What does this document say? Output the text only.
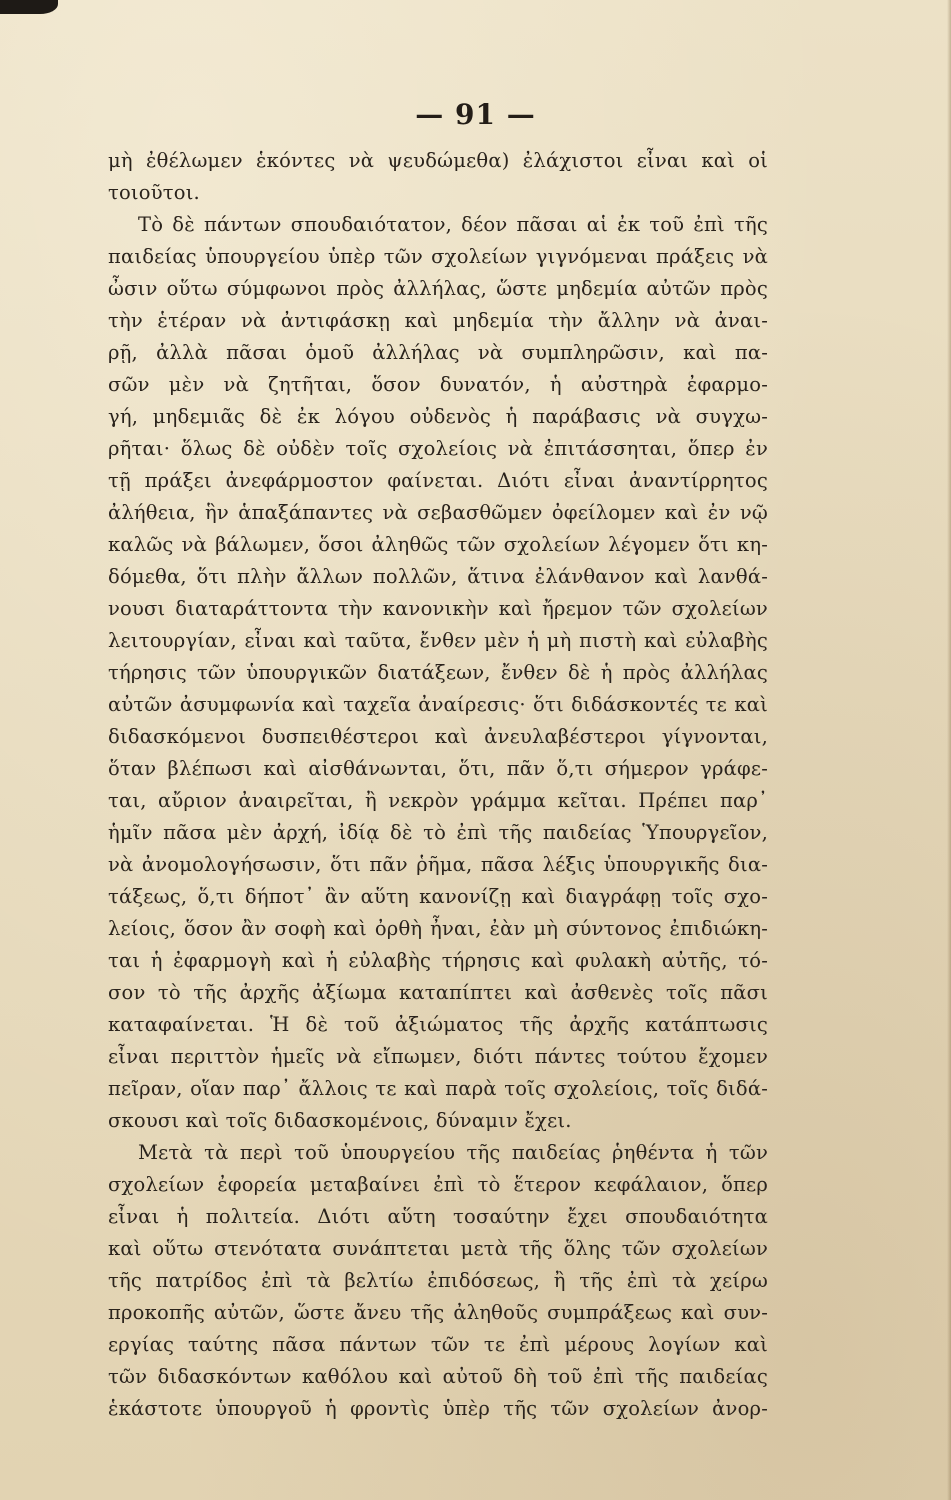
— 91 —
μὴ ἐθέλωμεν ἑκόντες νὰ ψευδώμεθα) ἐλάχιστοι εἶναι καὶ οἱ
τοιοῦτοι.
Τὸ δὲ πάντων σπουδαιότατον, δέον πᾶσαι αἱ ἐκ τοῦ ἐπὶ τῆς
παιδείας ὑπουργείου ὑπὲρ τῶν σχολείων γιγνόμεναι πράξεις νὰ
ὦσιν οὕτω σύμφωνοι πρὸς ἀλλήλας, ὥστε μηδεμία αὐτῶν πρὸς
τὴν ἑτέραν νὰ ἀντιφάσκῃ καὶ μηδεμία τὴν ἄλλην νὰ ἀναι-
ρῇ, ἀλλὰ πᾶσαι ὁμοῦ ἀλλήλας νὰ συμπληρῶσιν, καὶ πα-
σῶν μὲν νὰ ζητῆται, ὅσον δυνατόν, ἡ αὐστηρὰ ἐφαρμο-
γή, μηδεμιᾶς δὲ ἐκ λόγου οὐδενὸς ἡ παράβασις νὰ συγχω-
ρῆται· ὅλως δὲ οὐδὲν τοῖς σχολείοις νὰ ἐπιτάσσηται, ὅπερ ἐν
τῇ πράξει ἀνεφάρμοστον φαίνεται. Διότι εἶναι ἀναντίρρητος
ἀλήθεια, ἣν ἁπαξάπαντες νὰ σεβασθῶμεν ὀφείλομεν καὶ ἐν νῷ
καλῶς νὰ βάλωμεν, ὅσοι ἀληθῶς τῶν σχολείων λέγομεν ὅτι κη-
δόμεθα, ὅτι πλὴν ἄλλων πολλῶν, ἅτινα ἐλάνθανον καὶ λανθά-
νουσι διαταράττοντα τὴν κανονικὴν καὶ ἤρεμον τῶν σχολείων
λειτουργίαν, εἶναι καὶ ταῦτα, ἔνθεν μὲν ἡ μὴ πιστὴ καὶ εὐλαβὴς
τήρησις τῶν ὑπουργικῶν διατάξεων, ἔνθεν δὲ ἡ πρὸς ἀλλήλας
αὐτῶν ἀσυμφωνία καὶ ταχεῖα ἀναίρεσις· ὅτι διδάσκοντές τε καὶ
διδασκόμενοι δυσπειθέστεροι καὶ ἀνευλαβέστεροι γίγνονται,
ὅταν βλέπωσι καὶ αἰσθάνωνται, ὅτι, πᾶν ὅ,τι σήμερον γράφε-
ται, αὔριον ἀναιρεῖται, ἢ νεκρὸν γράμμα κεῖται. Πρέπει παρ᾽
ἡμῖν πᾶσα μὲν ἀρχή, ἰδίᾳ δὲ τὸ ἐπὶ τῆς παιδείας Ὑπουργεῖον,
νὰ ἀνομολογήσωσιν, ὅτι πᾶν ῥῆμα, πᾶσα λέξις ὑπουργικῆς δια-
τάξεως, ὅ,τι δήποτ᾽ ἂν αὕτη κανονίζῃ καὶ διαγράφῃ τοῖς σχο-
λείοις, ὅσον ἂν σοφὴ καὶ ὀρθὴ ἦναι, ἐὰν μὴ σύντονος ἐπιδιώκη-
ται ἡ ἐφαρμογὴ καὶ ἡ εὐλαβὴς τήρησις καὶ φυλακὴ αὐτῆς, τό-
σον τὸ τῆς ἀρχῆς ἀξίωμα καταπίπτει καὶ ἀσθενὲς τοῖς πᾶσι
καταφαίνεται. Ἡ δὲ τοῦ ἀξιώματος τῆς ἀρχῆς κατάπτωσις
εἶναι περιττὸν ἡμεῖς νὰ εἴπωμεν, διότι πάντες τούτου ἔχομεν
πεῖραν, οἵαν παρ᾽ ἄλλοις τε καὶ παρὰ τοῖς σχολείοις, τοῖς διδά-
σκουσι καὶ τοῖς διδασκομένοις, δύναμιν ἔχει.
Μετὰ τὰ περὶ τοῦ ὑπουργείου τῆς παιδείας ῥηθέντα ἡ τῶν
σχολείων ἐφορεία μεταβαίνει ἐπὶ τὸ ἕτερον κεφάλαιον, ὅπερ
εἶναι ἡ πολιτεία. Διότι αὕτη τοσαύτην ἔχει σπουδαιότητα
καὶ οὕτω στενότατα συνάπτεται μετὰ τῆς ὅλης τῶν σχολείων
τῆς πατρίδος ἐπὶ τὰ βελτίω ἐπιδόσεως, ἢ τῆς ἐπὶ τὰ χείρω
προκοπῆς αὐτῶν, ὥστε ἄνευ τῆς ἀληθοῦς συμπράξεως καὶ συν-
εργίας ταύτης πᾶσα πάντων τῶν τε ἐπὶ μέρους λογίων καὶ
τῶν διδασκόντων καθόλου καὶ αὐτοῦ δὴ τοῦ ἐπὶ τῆς παιδείας
ἑκάστοτε ὑπουργοῦ ἡ φροντὶς ὑπὲρ τῆς τῶν σχολείων ἀνορ-
